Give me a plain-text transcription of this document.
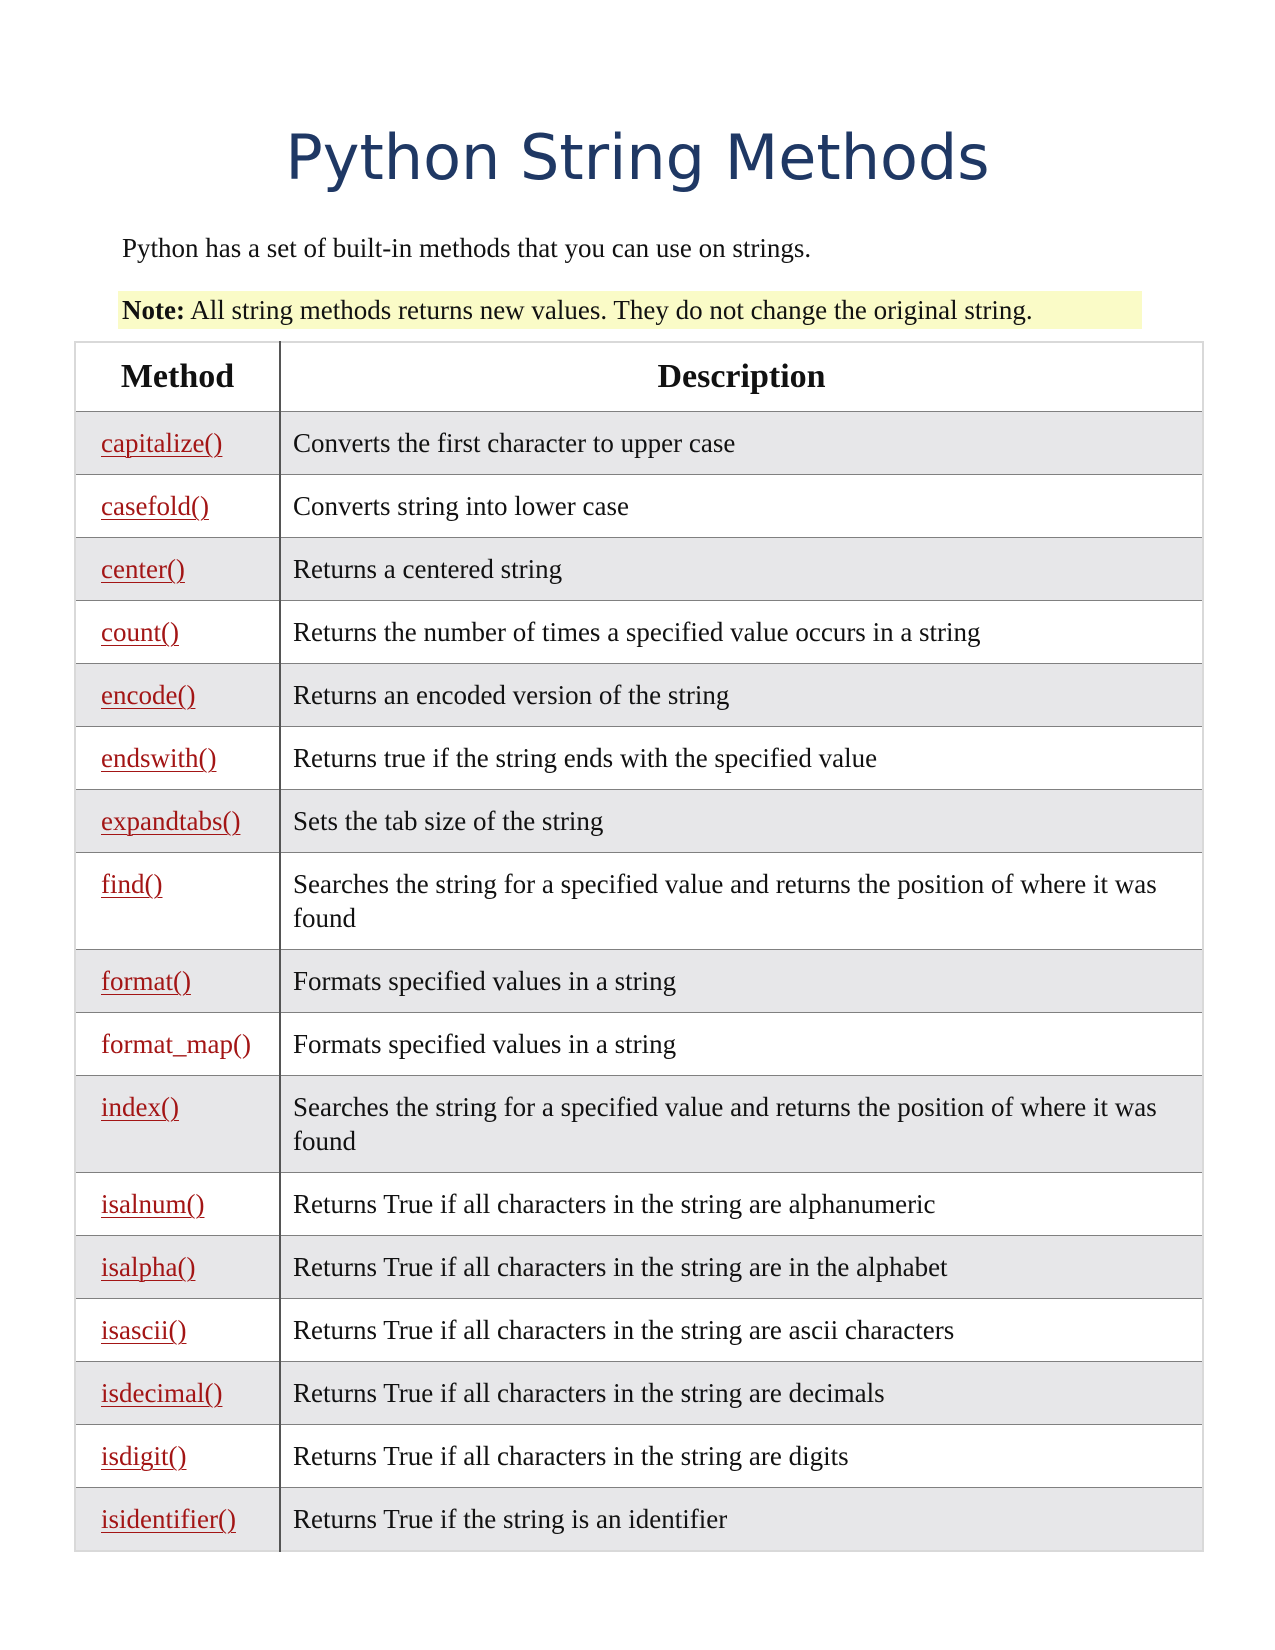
Python String Methods

Python has a set of built-in methods that you can use on strings.

Note: All string methods returns new values. They do not change the original string.
Method	Description
capitalize()	Converts the first character to upper case
casefold()	Converts string into lower case
center()	Returns a centered string
count()	Returns the number of times a specified value occurs in a string
encode()	Returns an encoded version of the string
endswith()	Returns true if the string ends with the specified value
expandtabs()	Sets the tab size of the string
find()	Searches the string for a specified value and returns the position of where it was found
format()	Formats specified values in a string
format_map()	Formats specified values in a string
index()	Searches the string for a specified value and returns the position of where it was found
isalnum()	Returns True if all characters in the string are alphanumeric
isalpha()	Returns True if all characters in the string are in the alphabet
isascii()	Returns True if all characters in the string are ascii characters
isdecimal()	Returns True if all characters in the string are decimals
isdigit()	Returns True if all characters in the string are digits
isidentifier()	Returns True if the string is an identifier
